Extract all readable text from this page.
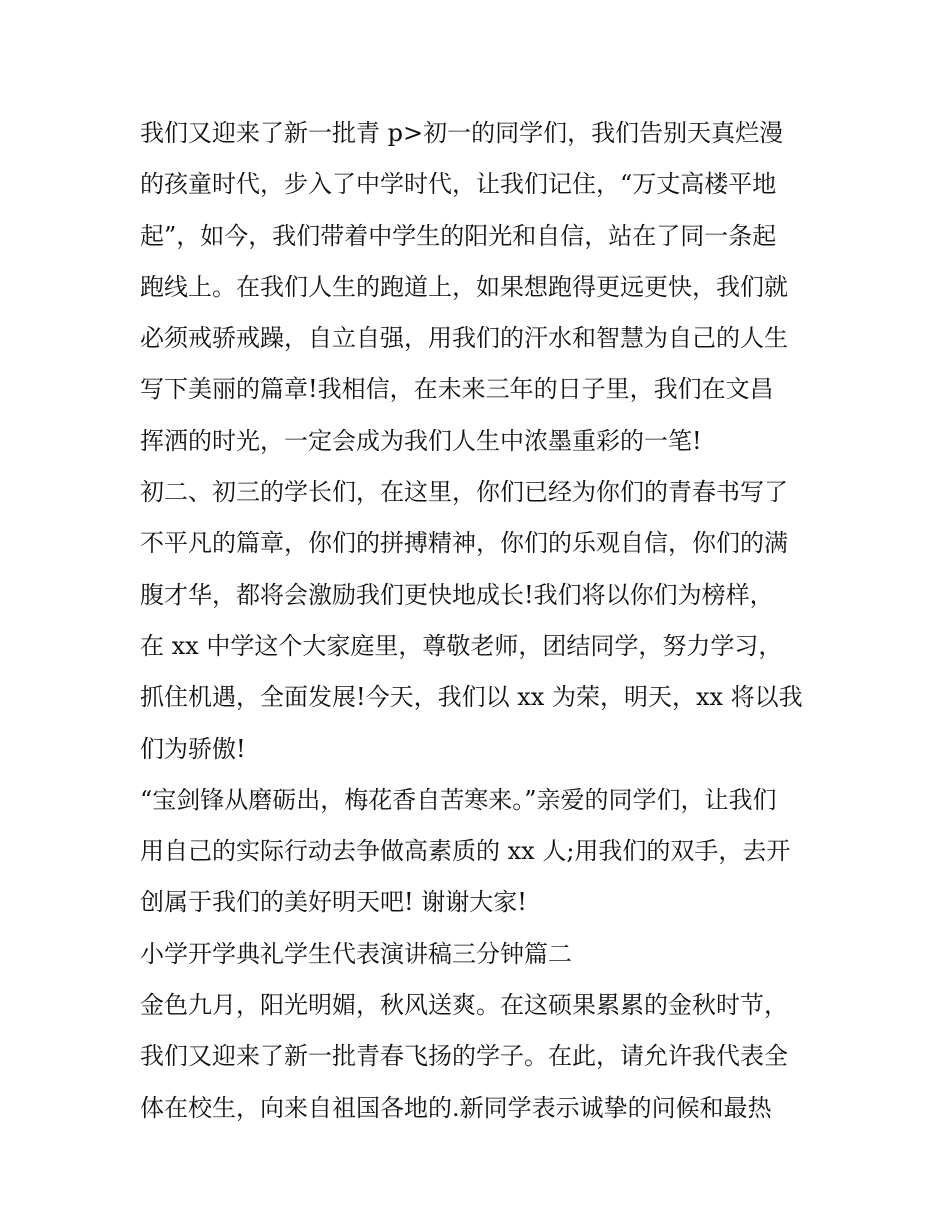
我们又迎来了新一批青 p>初一的同学们，我们告别天真烂漫
的孩童时代，步入了中学时代，让我们记住，“万丈高楼平地
起”，如今，我们带着中学生的阳光和自信，站在了同一条起
跑线上。在我们人生的跑道上，如果想跑得更远更快，我们就
必须戒骄戒躁，自立自强，用我们的汗水和智慧为自己的人生
写下美丽的篇章!我相信，在未来三年的日子里，我们在文昌
挥洒的时光，一定会成为我们人生中浓墨重彩的一笔!
初二、初三的学长们，在这里，你们已经为你们的青春书写了
不平凡的篇章，你们的拼搏精神，你们的乐观自信，你们的满
腹才华，都将会激励我们更快地成长!我们将以你们为榜样，
在 xx 中学这个大家庭里，尊敬老师，团结同学，努力学习，
抓住机遇，全面发展!今天，我们以 xx 为荣，明天，xx 将以我
们为骄傲!
“宝剑锋从磨砺出，梅花香自苦寒来。”亲爱的同学们，让我们
用自己的实际行动去争做高素质的 xx 人;用我们的双手，去开
创属于我们的美好明天吧! 谢谢大家!
小学开学典礼学生代表演讲稿三分钟篇二
金色九月，阳光明媚，秋风送爽。在这硕果累累的金秋时节，
我们又迎来了新一批青春飞扬的学子。在此，请允许我代表全
体在校生，向来自祖国各地的.新同学表示诚挚的问候和最热
